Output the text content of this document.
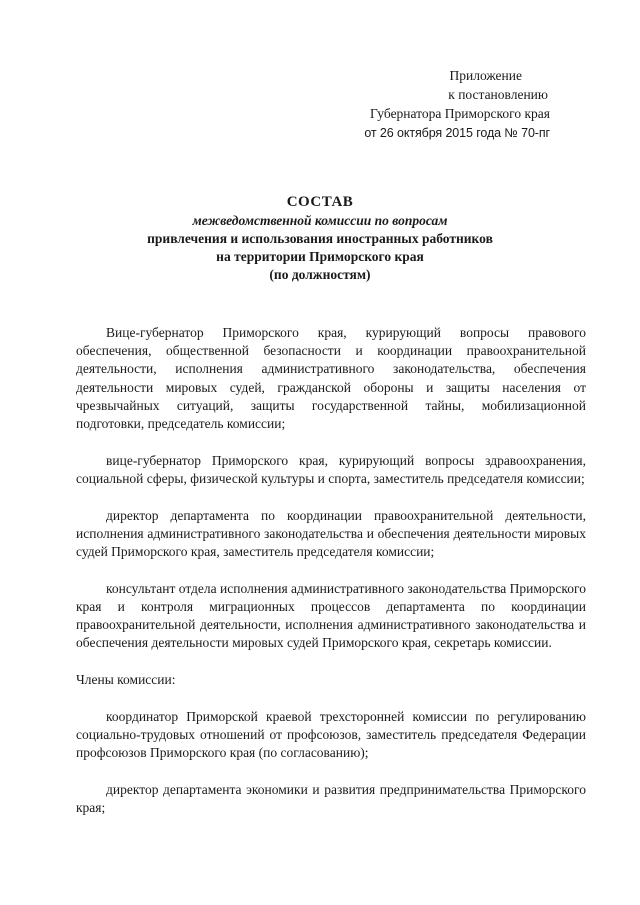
Приложение
к постановлению
Губернатора Приморского края
от 26 октября 2015 года № 70-пг
СОСТАВ
межведомственной комиссии по вопросам
привлечения и использования иностранных работников
на территории Приморского края
(по должностям)

Вице-губернатор Приморского края, курирующий вопросы правового обеспечения, общественной безопасности и координации правоохранительной деятельности, исполнения административного законодательства, обеспечения деятельности мировых судей, гражданской обороны и защиты населения от чрезвычайных ситуаций, защиты государственной тайны, мобилизационной подготовки, председатель комиссии;

вице-губернатор Приморского края, курирующий вопросы здравоохранения, социальной сферы, физической культуры и спорта, заместитель председателя комиссии;

директор департамента по координации правоохранительной деятельности, исполнения административного законодательства и обеспечения деятельности мировых судей Приморского края, заместитель председателя комиссии;

консультант отдела исполнения административного законодательства Приморского края и контроля миграционных процессов департамента по координации правоохранительной деятельности, исполнения административного законодательства и обеспечения деятельности мировых судей Приморского края, секретарь комиссии.

Члены комиссии:

координатор Приморской краевой трехсторонней комиссии по регулированию социально-трудовых отношений от профсоюзов, заместитель председателя Федерации профсоюзов Приморского края (по согласованию);

директор департамента экономики и развития предпринимательства Приморского края;
